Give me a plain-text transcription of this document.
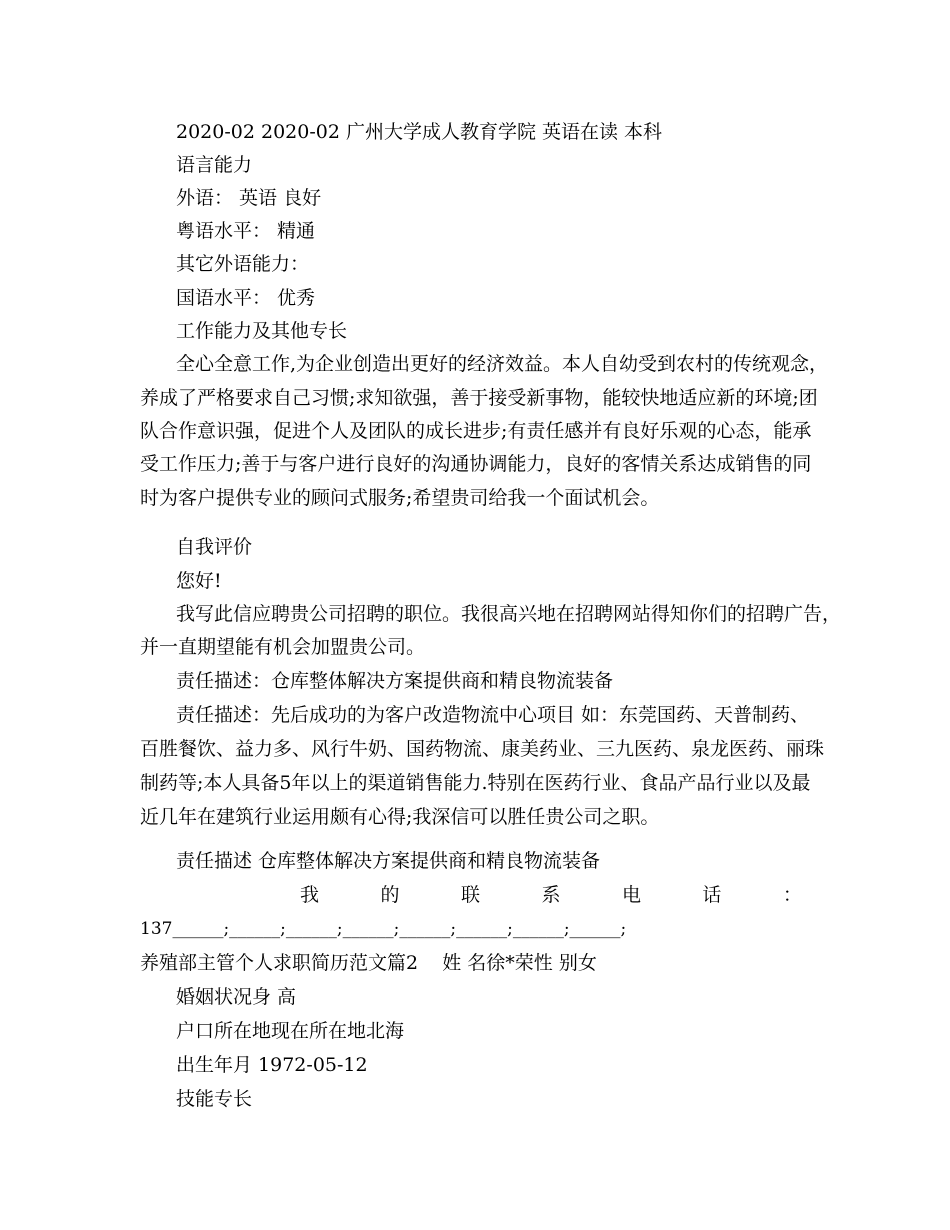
2020-02 2020-02 广州大学成人教育学院 英语在读 本科
语言能力
外语： 英语 良好
粤语水平： 精通
其它外语能力：
国语水平： 优秀
工作能力及其他专长
全心全意工作,为企业创造出更好的经济效益。本人自幼受到农村的传统观念，
养成了严格要求自己习惯;求知欲强，善于接受新事物，能较快地适应新的环境;团
队合作意识强，促进个人及团队的成长进步;有责任感并有良好乐观的心态，能承
受工作压力;善于与客户进行良好的沟通协调能力，良好的客情关系达成销售的同
时为客户提供专业的顾问式服务;希望贵司给我一个面试机会。
自我评价
您好!
我写此信应聘贵公司招聘的职位。我很高兴地在招聘网站得知你们的招聘广告，
并一直期望能有机会加盟贵公司。
责任描述：仓库整体解决方案提供商和精良物流装备
责任描述：先后成功的为客户改造物流中心项目 如：东莞国药、天普制药、
百胜餐饮、益力多、风行牛奶、国药物流、康美药业、三九医药、泉龙医药、丽珠
制药等;本人具备5年以上的渠道销售能力.特别在医药行业、食品产品行业以及最
近几年在建筑行业运用颇有心得;我深信可以胜任贵公司之职。
责任描述 仓库整体解决方案提供商和精良物流装备
我	的	联	系	电	话	：
137______;______;______;______;______;______;______;______;
养殖部主管个人求职简历范文篇2    姓 名徐*荣性 别女
婚姻状况身 高
户口所在地现在所在地北海
出生年月 1972-05-12
技能专长
